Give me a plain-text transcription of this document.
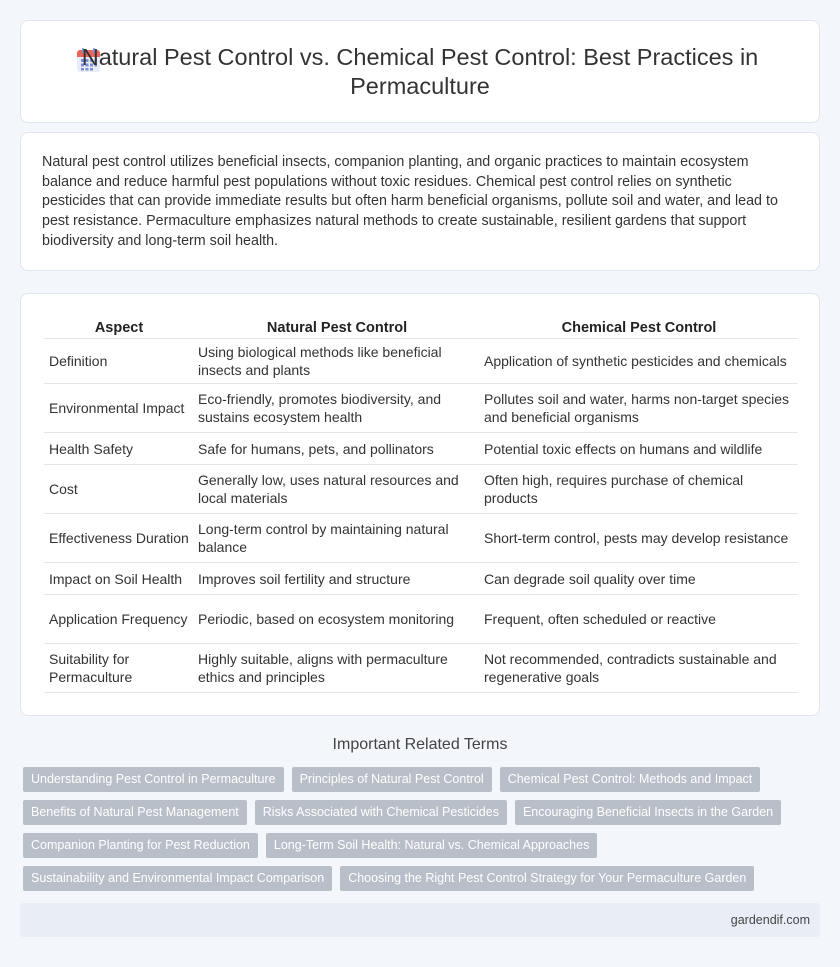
Natural Pest Control vs. Chemical Pest Control: Best Practices in Permaculture

Natural pest control utilizes beneficial insects, companion planting, and organic practices to maintain ecosystem balance and reduce harmful pest populations without toxic residues. Chemical pest control relies on synthetic pesticides that can provide immediate results but often harm beneficial organisms, pollute soil and water, and lead to pest resistance. Permaculture emphasizes natural methods to create sustainable, resilient gardens that support biodiversity and long-term soil health.

Aspect	Natural Pest Control	Chemical Pest Control
Definition	Using biological methods like beneficial insects and plants	Application of synthetic pesticides and chemicals
Environmental Impact	Eco-friendly, promotes biodiversity, and sustains ecosystem health	Pollutes soil and water, harms non-target species and beneficial organisms
Health Safety	Safe for humans, pets, and pollinators	Potential toxic effects on humans and wildlife
Cost	Generally low, uses natural resources and local materials	Often high, requires purchase of chemical products
Effectiveness Duration	Long-term control by maintaining natural balance	Short-term control, pests may develop resistance
Impact on Soil Health	Improves soil fertility and structure	Can degrade soil quality over time
Application Frequency	Periodic, based on ecosystem monitoring	Frequent, often scheduled or reactive
Suitability for Permaculture	Highly suitable, aligns with permaculture ethics and principles	Not recommended, contradicts sustainable and regenerative goals
Important Related Terms
Understanding Pest Control in Permaculture	Principles of Natural Pest Control	Chemical Pest Control: Methods and Impact
Benefits of Natural Pest Management	Risks Associated with Chemical Pesticides	Encouraging Beneficial Insects in the Garden
Companion Planting for Pest Reduction	Long-Term Soil Health: Natural vs. Chemical Approaches
Sustainability and Environmental Impact Comparison	Choosing the Right Pest Control Strategy for Your Permaculture Garden
gardendif.com
